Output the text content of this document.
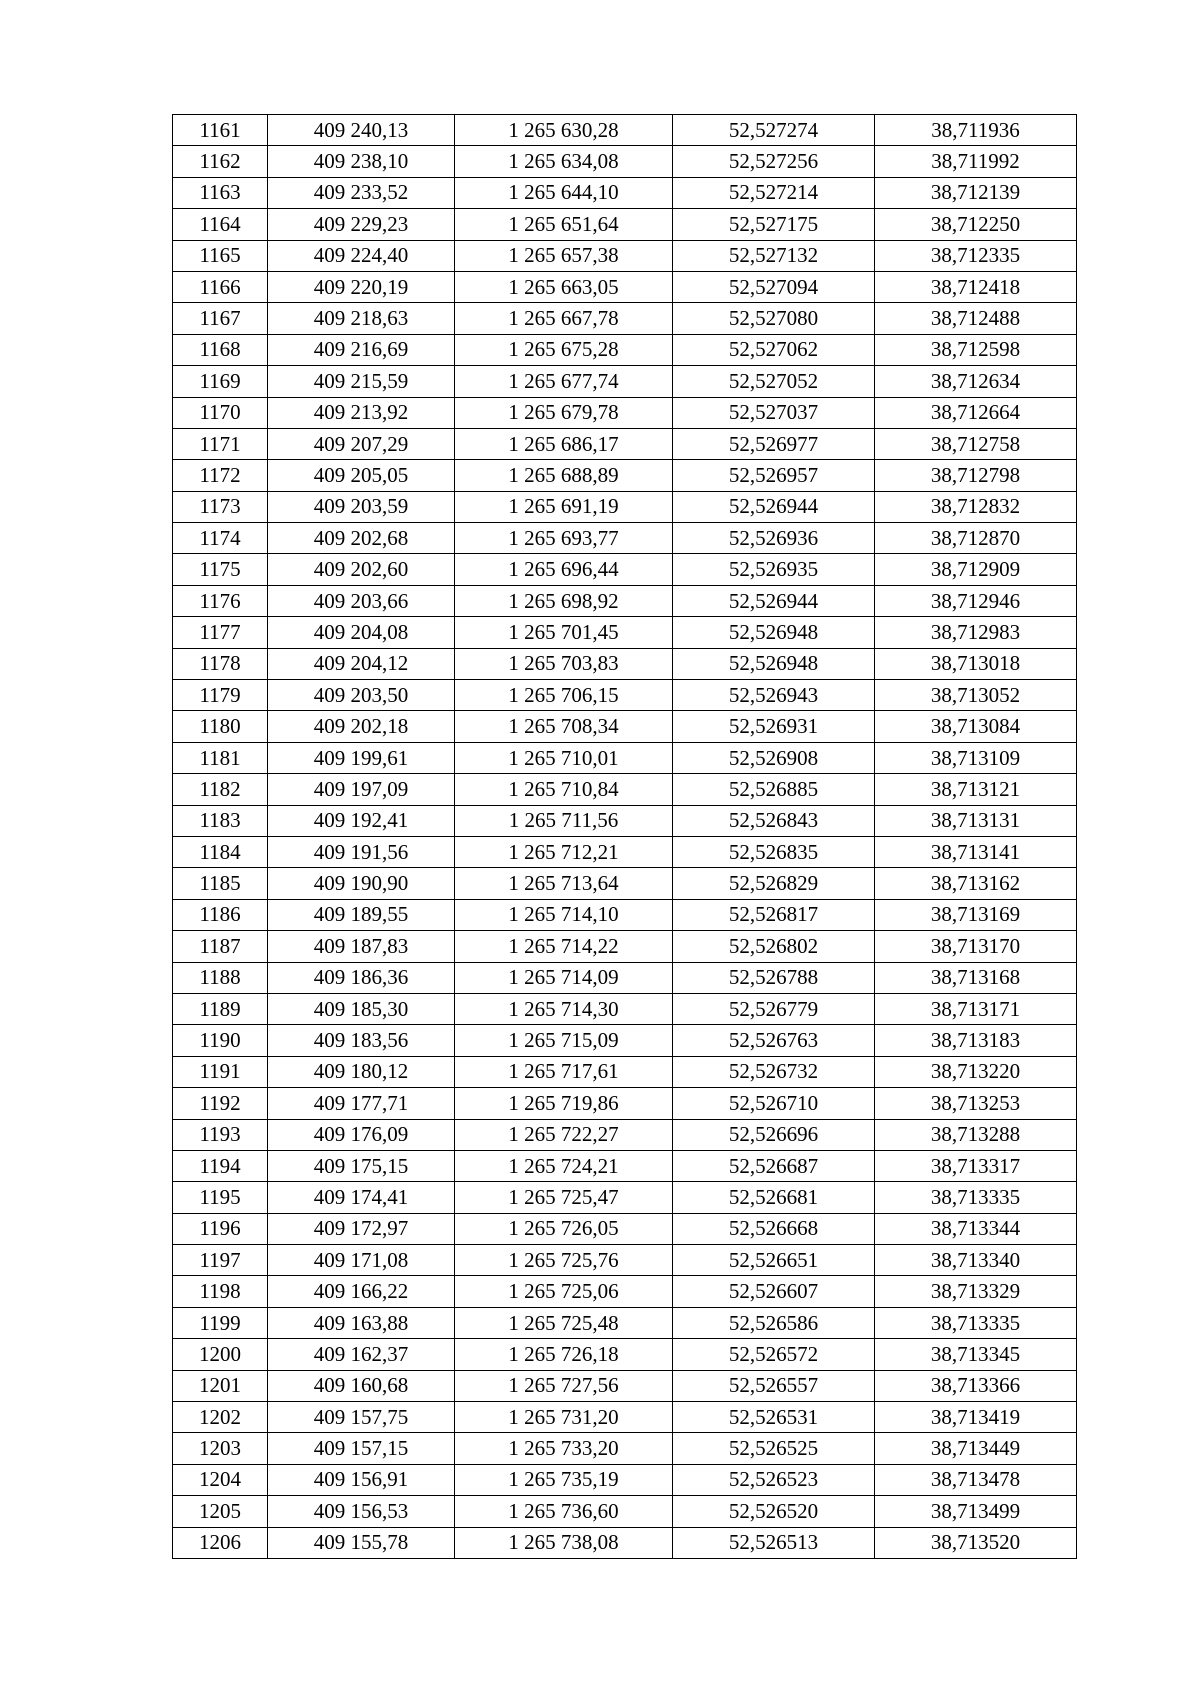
1161	409 240,13	1 265 630,28	52,527274	38,711936
1162	409 238,10	1 265 634,08	52,527256	38,711992
1163	409 233,52	1 265 644,10	52,527214	38,712139
1164	409 229,23	1 265 651,64	52,527175	38,712250
1165	409 224,40	1 265 657,38	52,527132	38,712335
1166	409 220,19	1 265 663,05	52,527094	38,712418
1167	409 218,63	1 265 667,78	52,527080	38,712488
1168	409 216,69	1 265 675,28	52,527062	38,712598
1169	409 215,59	1 265 677,74	52,527052	38,712634
1170	409 213,92	1 265 679,78	52,527037	38,712664
1171	409 207,29	1 265 686,17	52,526977	38,712758
1172	409 205,05	1 265 688,89	52,526957	38,712798
1173	409 203,59	1 265 691,19	52,526944	38,712832
1174	409 202,68	1 265 693,77	52,526936	38,712870
1175	409 202,60	1 265 696,44	52,526935	38,712909
1176	409 203,66	1 265 698,92	52,526944	38,712946
1177	409 204,08	1 265 701,45	52,526948	38,712983
1178	409 204,12	1 265 703,83	52,526948	38,713018
1179	409 203,50	1 265 706,15	52,526943	38,713052
1180	409 202,18	1 265 708,34	52,526931	38,713084
1181	409 199,61	1 265 710,01	52,526908	38,713109
1182	409 197,09	1 265 710,84	52,526885	38,713121
1183	409 192,41	1 265 711,56	52,526843	38,713131
1184	409 191,56	1 265 712,21	52,526835	38,713141
1185	409 190,90	1 265 713,64	52,526829	38,713162
1186	409 189,55	1 265 714,10	52,526817	38,713169
1187	409 187,83	1 265 714,22	52,526802	38,713170
1188	409 186,36	1 265 714,09	52,526788	38,713168
1189	409 185,30	1 265 714,30	52,526779	38,713171
1190	409 183,56	1 265 715,09	52,526763	38,713183
1191	409 180,12	1 265 717,61	52,526732	38,713220
1192	409 177,71	1 265 719,86	52,526710	38,713253
1193	409 176,09	1 265 722,27	52,526696	38,713288
1194	409 175,15	1 265 724,21	52,526687	38,713317
1195	409 174,41	1 265 725,47	52,526681	38,713335
1196	409 172,97	1 265 726,05	52,526668	38,713344
1197	409 171,08	1 265 725,76	52,526651	38,713340
1198	409 166,22	1 265 725,06	52,526607	38,713329
1199	409 163,88	1 265 725,48	52,526586	38,713335
1200	409 162,37	1 265 726,18	52,526572	38,713345
1201	409 160,68	1 265 727,56	52,526557	38,713366
1202	409 157,75	1 265 731,20	52,526531	38,713419
1203	409 157,15	1 265 733,20	52,526525	38,713449
1204	409 156,91	1 265 735,19	52,526523	38,713478
1205	409 156,53	1 265 736,60	52,526520	38,713499
1206	409 155,78	1 265 738,08	52,526513	38,713520
